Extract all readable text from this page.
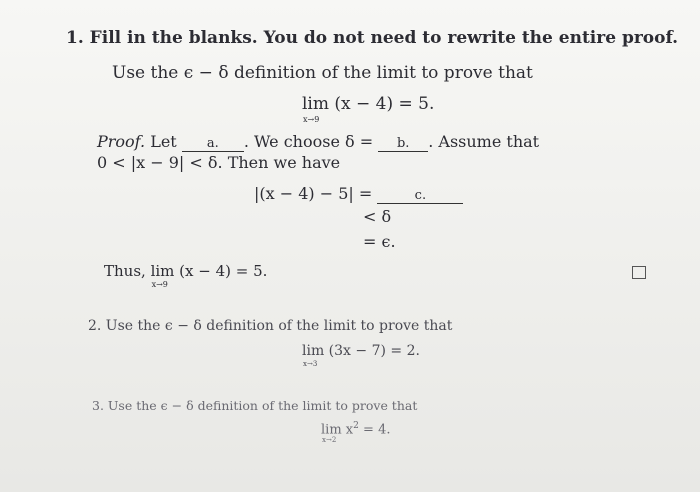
1. Fill in the blanks. You do not need to rewrite the entire proof.
Use the ϵ − δ definition of the limit to prove that
lim (x − 4) = 5.
x→9
Proof. Let a. . We choose δ = b. . Assume that
0 < |x − 9| < δ. Then we have
|(x − 4) − 5| =	c.
< δ
= ϵ.
Thus, lim (x − 4) = 5.
x→9
2. Use the ϵ − δ definition of the limit to prove that
lim (3x − 7) = 2.
x→3
3. Use the ϵ − δ definition of the limit to prove that
$\lim x^2 = 4$.
x→2
